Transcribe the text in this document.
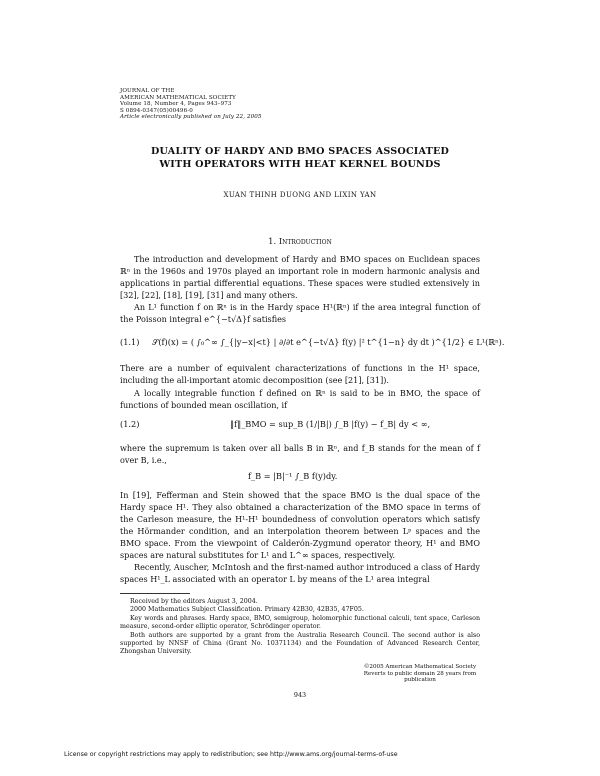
JOURNAL OF THE
AMERICAN MATHEMATICAL SOCIETY
Volume 18, Number 4, Pages 943–973
S 0894-0347(05)00496-0
Article electronically published on July 22, 2005
DUALITY OF HARDY AND BMO SPACES ASSOCIATED
WITH OPERATORS WITH HEAT KERNEL BOUNDS
XUAN THINH DUONG AND LIXIN YAN
1. Introduction
The introduction and development of Hardy and BMO spaces on Euclidean spaces ℝⁿ in the 1960s and 1970s played an important role in modern harmonic analysis and applications in partial differential equations. These spaces were studied extensively in [32], [22], [18], [19], [31] and many others.
An L¹ function f on ℝⁿ is in the Hardy space H¹(ℝⁿ) if the area integral function of the Poisson integral e^{−t√Δ}f satisfies
(1.1) 𝒮(f)(x) = ( ∫₀^∞ ∫_{|y−x|<t} | ∂/∂t e^{−t√Δ} f(y) |² t^{1−n} dy dt )^{1/2} ∈ L¹(ℝⁿ).
There are a number of equivalent characterizations of functions in the H¹ space, including the all-important atomic decomposition (see [21], [31]).
A locally integrable function f defined on ℝⁿ is said to be in BMO, the space of functions of bounded mean oscillation, if
(1.2)	‖f‖_BMO = sup_B (1/|B|) ∫_B |f(y) − f_B| dy < ∞,
where the supremum is taken over all balls B in ℝⁿ, and f_B stands for the mean of f over B, i.e.,
f_B = |B|⁻¹ ∫_B f(y)dy.
In [19], Fefferman and Stein showed that the space BMO is the dual space of the Hardy space H¹. They also obtained a characterization of the BMO space in terms of the Carleson measure, the H¹-H¹ boundedness of convolution operators which satisfy the Hörmander condition, and an interpolation theorem between Lᵖ spaces and the BMO space. From the viewpoint of Calderón-Zygmund operator theory, H¹ and BMO spaces are natural substitutes for L¹ and L^∞ spaces, respectively.
Recently, Auscher, McIntosh and the first-named author introduced a class of Hardy spaces H¹_L associated with an operator L by means of the L¹ area integral
Received by the editors August 3, 2004.
2000 Mathematics Subject Classification. Primary 42B30, 42B35, 47F05.
Key words and phrases. Hardy space, BMO, semigroup, holomorphic functional calculi, tent space, Carleson measure, second-order elliptic operator, Schrödinger operator.
Both authors are supported by a grant from the Australia Research Council. The second author is also supported by NNSF of China (Grant No. 10371134) and the Foundation of Advanced Research Center, Zhongshan University.
©2005 American Mathematical Society
Reverts to public domain 28 years from publication
943
License or copyright restrictions may apply to redistribution; see http://www.ams.org/journal-terms-of-use
